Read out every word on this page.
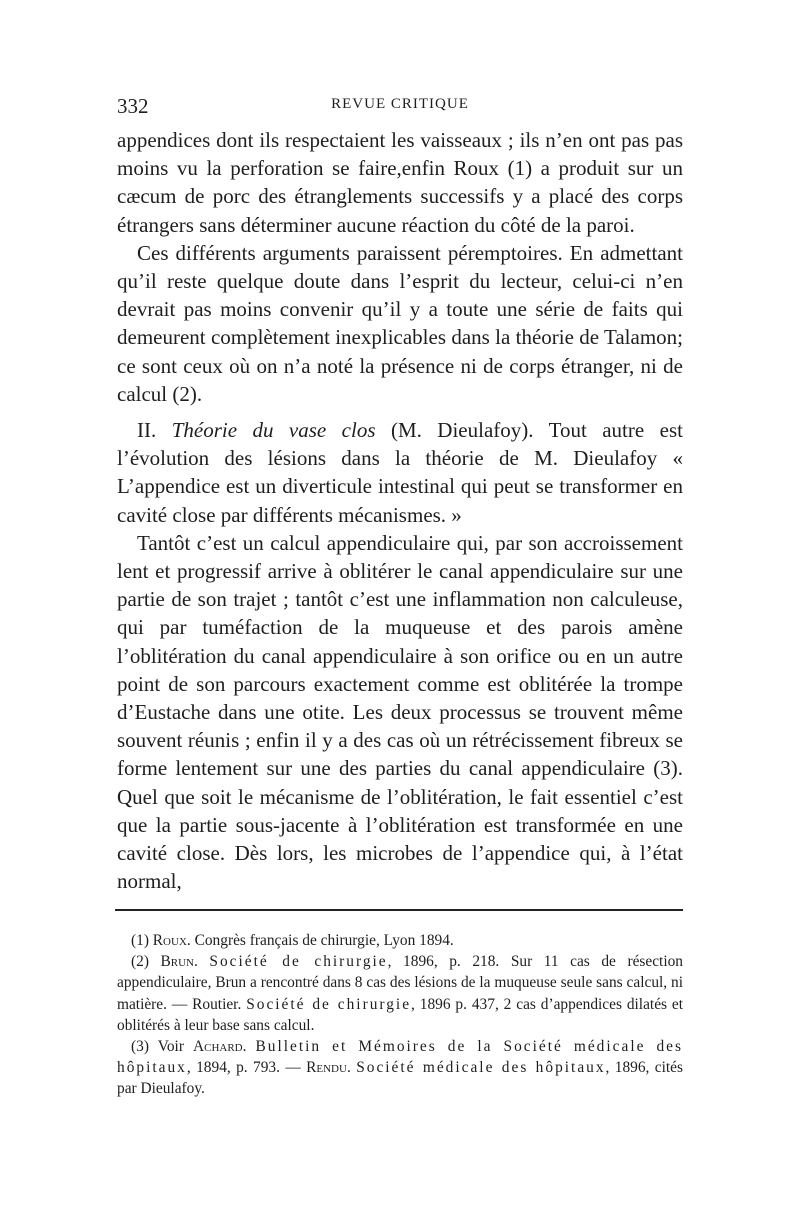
332	REVUE CRITIQUE

appendices dont ils respectaient les vaisseaux ; ils n’en ont pas pas moins vu la perforation se faire,enfin Roux (1) a produit sur un cæcum de porc des étranglements successifs y a placé des corps étrangers sans déterminer aucune réaction du côté de la paroi.

Ces différents arguments paraissent péremptoires. En admettant qu’il reste quelque doute dans l’esprit du lecteur, celui-ci n’en devrait pas moins convenir qu’il y a toute une série de faits qui demeurent complètement inexplicables dans la théorie de Talamon; ce sont ceux où on n’a noté la présence ni de corps étranger, ni de calcul (2).

II. Théorie du vase clos (M. Dieulafoy). Tout autre est l’évolution des lésions dans la théorie de M. Dieulafoy « L’appendice est un diverticule intestinal qui peut se transformer en cavité close par différents mécanismes. »

Tantôt c’est un calcul appendiculaire qui, par son accroissement lent et progressif arrive à oblitérer le canal appendiculaire sur une partie de son trajet ; tantôt c’est une inflammation non calculeuse, qui par tuméfaction de la muqueuse et des parois amène l’oblitération du canal appendiculaire à son orifice ou en un autre point de son parcours exactement comme est oblitérée la trompe d’Eustache dans une otite. Les deux processus se trouvent même souvent réunis ; enfin il y a des cas où un rétrécissement fibreux se forme lentement sur une des parties du canal appendiculaire (3). Quel que soit le mécanisme de l’oblitération, le fait essentiel c’est que la partie sous-jacente à l’oblitération est transformée en une cavité close. Dès lors, les microbes de l’appendice qui, à l’état normal,

(1) Roux. Congrès français de chirurgie, Lyon 1894.

(2) Brun. Société de chirurgie, 1896, p. 218. Sur 11 cas de résection appendiculaire, Brun a rencontré dans 8 cas des lésions de la muqueuse seule sans calcul, ni matière. — Routier. Société de chirurgie, 1896 p. 437, 2 cas d’appendices dilatés et oblitérés à leur base sans calcul.

(3) Voir Achard. Bulletin et Mémoires de la Société médicale des hôpitaux, 1894, p. 793. — Rendu. Société médicale des hôpitaux, 1896, cités par Dieulafoy.
